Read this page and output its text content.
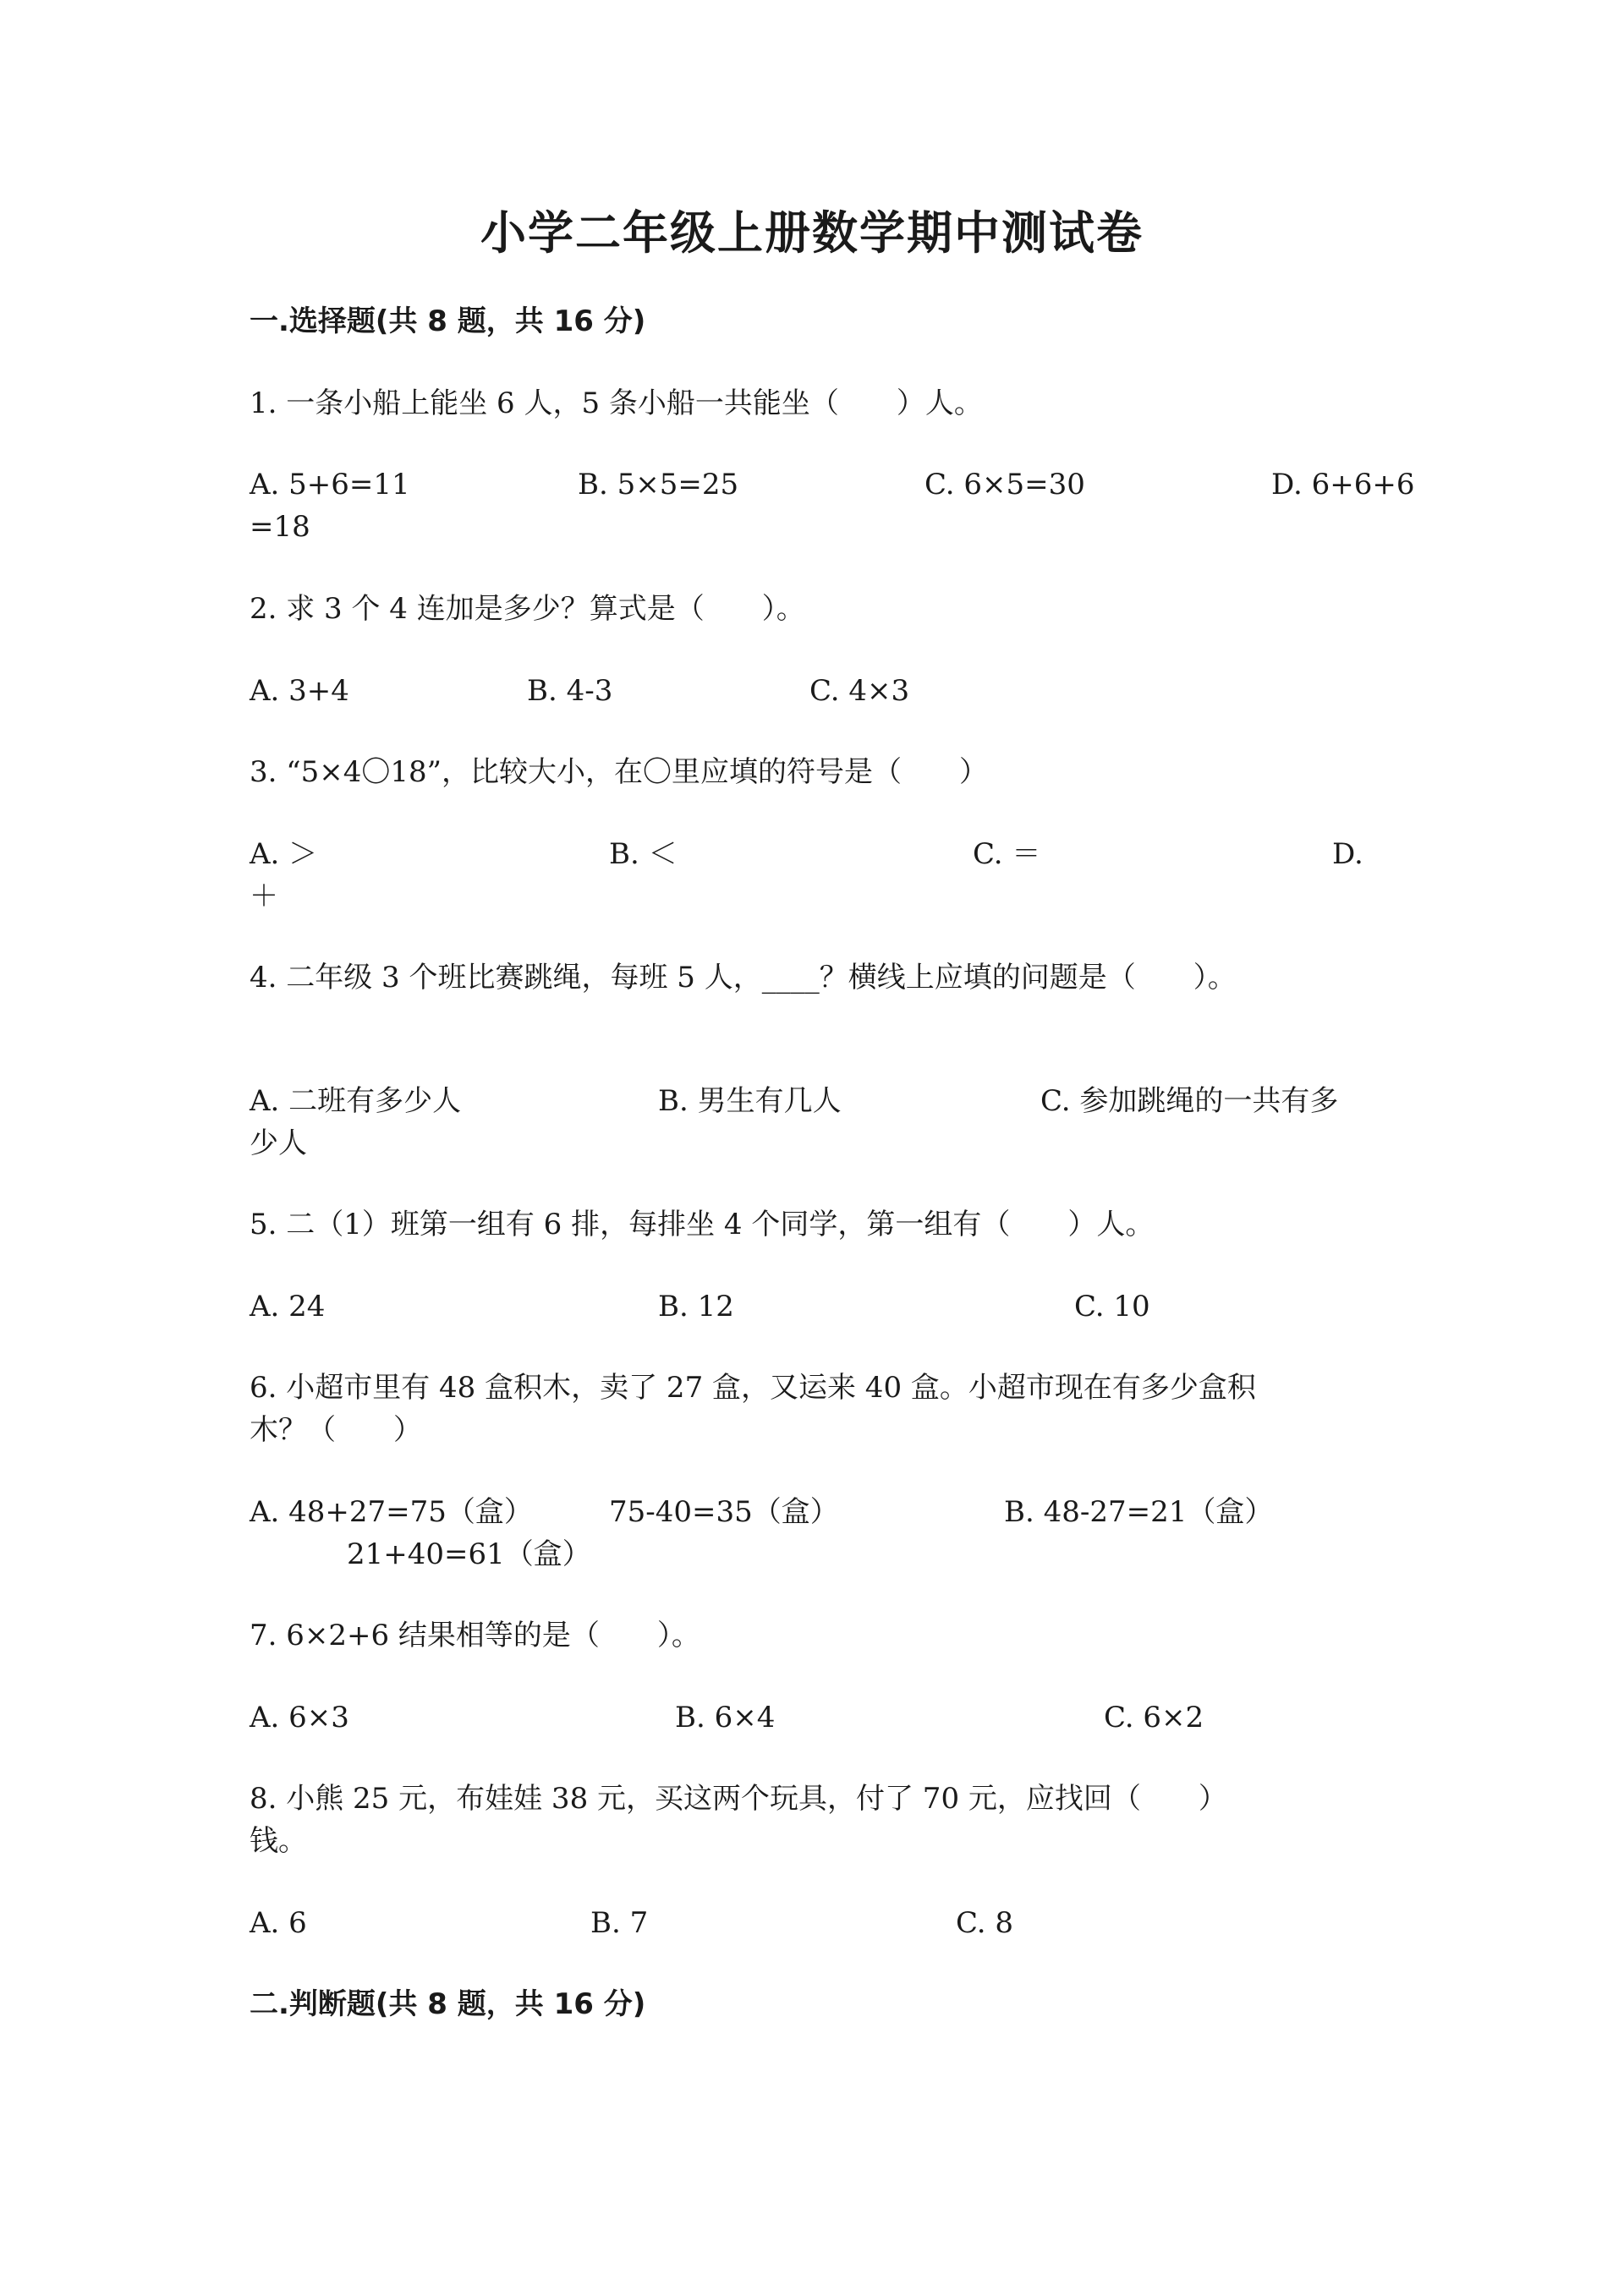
小学二年级上册数学期中测试卷
一.选择题(共 8 题，共 16 分)
1. 一条小船上能坐 6 人，5 条小船一共能坐（　　）人。
A. 5+6=11	B. 5×5=25	C. 6×5=30	D. 6+6+6
=18
2. 求 3 个 4 连加是多少？算式是（　　）。
A. 3+4	B. 4-3	C. 4×3
3. “5×4〇18”，比较大小，在〇里应填的符号是（　　）
A. ＞	B. ＜	C. ＝	D.
＋
4. 二年级 3 个班比赛跳绳，每班 5 人，____？横线上应填的问题是（　　）。
A. 二班有多少人	B. 男生有几人	C. 参加跳绳的一共有多
少人
5. 二（1）班第一组有 6 排，每排坐 4 个同学，第一组有（　　）人。
A. 24	B. 12	C. 10
6. 小超市里有 48 盒积木，卖了 27 盒，又运来 40 盒。小超市现在有多少盒积
木？（　　）
A. 48+27=75（盒）	75-40=35（盒）	B. 48-27=21（盒）
21+40=61（盒）
7. 6×2+6 结果相等的是（　　）。
A. 6×3	B. 6×4	C. 6×2
8. 小熊 25 元，布娃娃 38 元，买这两个玩具，付了 70 元，应找回（　　）
钱。
A. 6	B. 7	C. 8
二.判断题(共 8 题，共 16 分)
